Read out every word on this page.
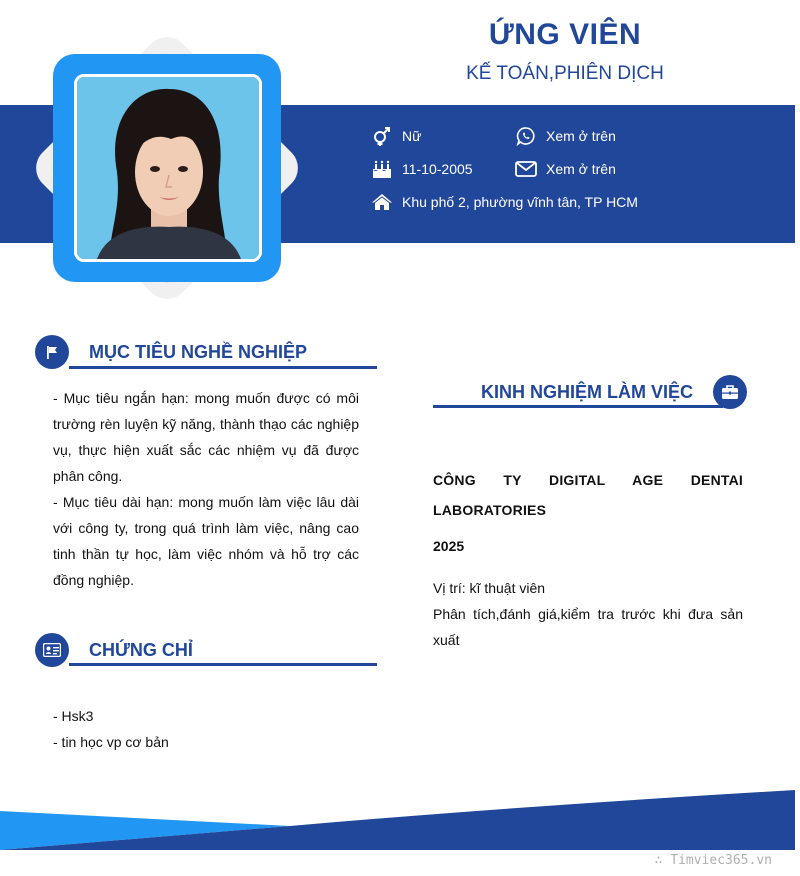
ỨNG VIÊN
KẾ TOÁN,PHIÊN DỊCH
Nữ	Xem ở trên
11-10-2005	Xem ở trên
Khu phố 2, phường vĩnh tân, TP HCM
MỤC TIÊU NGHỀ NGHIỆP

- Mục tiêu ngắn hạn: mong muốn được có môi trường rèn luyện kỹ năng, thành thạo các nghiệp vụ, thực hiện xuất sắc các nhiệm vụ đã được phân công.

- Mục tiêu dài hạn: mong muốn làm việc lâu dài với công ty, trong quá trình làm việc, nâng cao tinh thần tự học, làm việc nhóm và hỗ trợ các đồng nghiệp.

CHỨNG CHỈ

- Hsk3

- tin học vp cơ bản

KINH NGHIỆM LÀM VIỆC
CÔNG TY DIGITAL AGE DENTAI LABORATORIES
2025

Vị trí: kĩ thuật viên

Phân tích,đánh giá,kiểm tra trước khi đưa sản xuất

∴ Timviec365.vn
